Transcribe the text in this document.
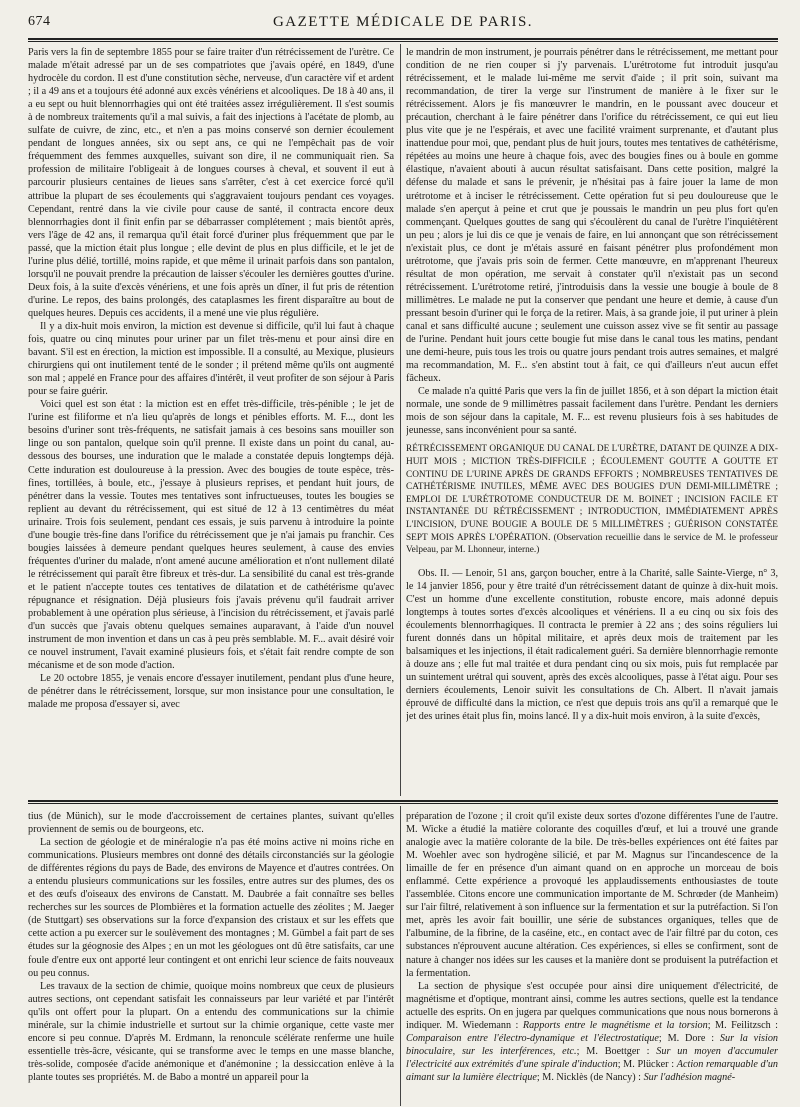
674	GAZETTE MÉDICALE DE PARIS.

Paris vers la fin de septembre 1855 pour se faire traiter d'un rétrécissement de l'urètre. Ce malade m'était adressé par un de ses compatriotes que j'avais opéré, en 1849, d'une hydrocèle du cordon. Il est d'une constitution sèche, nerveuse, d'un caractère vif et ardent ; il a 49 ans et a toujours été adonné aux excès vénériens et alcooliques. De 18 à 40 ans, il a eu sept ou huit blennorrhagies qui ont été traitées assez irrégulièrement. Il s'est soumis à de nombreux traitements qu'il a mal suivis, a fait des injections à l'acétate de plomb, au sulfate de cuivre, de zinc, etc., et n'en a pas moins conservé son dernier écoulement pendant de longues années, six ou sept ans, ce qui ne l'empêchait pas de voir fréquemment des femmes auxquelles, suivant son dire, il ne communiquait rien. Sa profession de militaire l'obligeait à de longues courses à cheval, et souvent il eut à parcourir plusieurs centaines de lieues sans s'arrêter, c'est à cet exercice forcé qu'il attribue la plupart de ses écoulements qui s'aggravaient toujours pendant ces voyages. Cependant, rentré dans la vie civile pour cause de santé, il contracta encore deux blennorrhagies dont il finit enfin par se débarrasser complétement ; mais bientôt après, vers l'âge de 42 ans, il remarqua qu'il était forcé d'uriner plus fréquemment que par le passé, que la miction était plus longue ; elle devint de plus en plus difficile, et le jet de l'urine plus délié, tortillé, moins rapide, et que même il urinait parfois dans son pantalon, lorsqu'il ne pouvait prendre la précaution de laisser s'écouler les dernières gouttes d'urine. Deux fois, à la suite d'excès vénériens, et une fois après un dîner, il fut pris de rétention d'urine. Le repos, des bains prolongés, des cataplasmes les firent disparaître au bout de quelques heures. Depuis ces accidents, il a mené une vie plus régulière.

Il y a dix-huit mois environ, la miction est devenue si difficile, qu'il lui faut à chaque fois, quatre ou cinq minutes pour uriner par un filet très-menu et pour ainsi dire en bavant. S'il est en érection, la miction est impossible. Il a consulté, au Mexique, plusieurs chirurgiens qui ont inutilement tenté de le sonder ; il prétend même qu'ils ont augmenté son mal ; appelé en France pour des affaires d'intérêt, il veut profiter de son séjour à Paris pour se faire guérir.

Voici quel est son état : la miction est en effet très-difficile, très-pénible ; le jet de l'urine est filiforme et n'a lieu qu'après de longs et pénibles efforts. M. F..., dont les besoins d'uriner sont très-fréquents, ne satisfait jamais à ces besoins sans mouiller son linge ou son pantalon, quelque soin qu'il prenne. Il existe dans un point du canal, au-dessous des bourses, une induration que le malade a constatée depuis longtemps déjà. Cette induration est douloureuse à la pression. Avec des bougies de toute espèce, très-fines, tortillées, à boule, etc., j'essaye à plusieurs reprises, et pendant huit jours, de pénétrer dans la vessie. Toutes mes tentatives sont infructueuses, toutes les bougies se replient au devant du rétrécissement, qui est situé de 12 à 13 centimètres du méat urinaire. Trois fois seulement, pendant ces essais, je suis parvenu à introduire la pointe d'une bougie très-fine dans l'orifice du rétrécissement que je n'ai jamais pu franchir. Ces bougies laissées à demeure pendant quelques heures seulement, à cause des envies fréquentes d'uriner du malade, n'ont amené aucune amélioration et n'ont nullement dilaté le rétrécissement qui paraît être fibreux et très-dur. La sensibilité du canal est très-grande et le patient n'accepte toutes ces tentatives de dilatation et de cathétérisme qu'avec répugnance et résignation. Déjà plusieurs fois j'avais prévenu qu'il faudrait arriver probablement à une opération plus sérieuse, à l'incision du rétrécissement, et j'avais parlé d'un succès que j'avais obtenu quelques semaines auparavant, à l'aide d'un nouvel instrument de mon invention et dans un cas à peu près semblable. M. F... avait désiré voir ce nouvel instrument, l'avait examiné plusieurs fois, et s'était fait rendre compte de son mécanisme et de son mode d'action.

Le 20 octobre 1855, je venais encore d'essayer inutilement, pendant plus d'une heure, de pénétrer dans le rétrécissement, lorsque, sur mon insistance pour une consultation, le malade me proposa d'essayer si, avec

le mandrin de mon instrument, je pourrais pénétrer dans le rétrécissement, me mettant pour condition de ne rien couper si j'y parvenais. L'urétrotome fut introduit jusqu'au rétrécissement, et le malade lui-même me servit d'aide ; il prit soin, suivant ma recommandation, de tirer la verge sur l'instrument de manière à le fixer sur le rétrécissement. Alors je fis manœuvrer le mandrin, en le poussant avec douceur et précaution, cherchant à le faire pénétrer dans l'orifice du rétrécissement, ce qui eut lieu plus vite que je ne l'espérais, et avec une facilité vraiment surprenante, et d'autant plus inattendue pour moi, que, pendant plus de huit jours, toutes mes tentatives de cathétérisme, répétées au moins une heure à chaque fois, avec des bougies fines ou à boule en gomme élastique, n'avaient abouti à aucun résultat satisfaisant. Dans cette position, malgré la défense du malade et sans le prévenir, je n'hésitai pas à faire jouer la lame de mon urétrotome et à inciser le rétrécissement. Cette opération fut si peu douloureuse que le malade s'en aperçut à peine et crut que je poussais le mandrin un peu plus fort qu'en commençant. Quelques gouttes de sang qui s'écoulèrent du canal de l'urètre l'inquiétèrent un peu ; alors je lui dis ce que je venais de faire, en lui annonçant que son rétrécissement n'existait plus, ce dont je m'étais assuré en faisant pénétrer plus profondément mon urétrotome, que j'avais pris soin de fermer. Cette manœuvre, en m'apprenant l'heureux résultat de mon opération, me servait à constater qu'il n'existait pas un second rétrécissement. L'urétrotome retiré, j'introduisis dans la vessie une bougie à boule de 8 millimètres. Le malade ne put la conserver que pendant une heure et demie, à cause d'un pressant besoin d'uriner qui le força de la retirer. Mais, à sa grande joie, il put uriner à plein canal et sans difficulté aucune ; seulement une cuisson assez vive se fit sentir au passage de l'urine. Pendant huit jours cette bougie fut mise dans le canal tous les matins, pendant une demi-heure, puis tous les trois ou quatre jours pendant trois autres semaines, et malgré ma recommandation, M. F... s'en abstint tout à fait, ce qui d'ailleurs n'eut aucun effet fâcheux.

Ce malade n'a quitté Paris que vers la fin de juillet 1856, et à son départ la miction était normale, une sonde de 9 millimètres passait facilement dans l'urètre. Pendant les derniers mois de son séjour dans la capitale, M. F... est revenu plusieurs fois à ses habitudes de jeunesse, sans inconvénient pour sa santé.

RÉTRÉCISSEMENT ORGANIQUE DU CANAL DE L'URÈTRE, DATANT DE QUINZE A DIX-HUIT MOIS ; MICTION TRÈS-DIFFICILE ; ÉCOULEMENT GOUTTE A GOUTTE ET CONTINU DE L'URINE APRÈS DE GRANDS EFFORTS ; NOMBREUSES TENTATIVES DE CATHÉTÉRISME INUTILES, MÊME AVEC DES BOUGIES D'UN DEMI-MILLIMÈTRE ; EMPLOI DE L'URÉTROTOME CONDUCTEUR DE M. BOINET ; INCISION FACILE ET INSTANTANÉE DU RÉTRÉCISSEMENT ; INTRODUCTION, IMMÉDIATEMENT APRÈS L'INCISION, D'UNE BOUGIE A BOULE DE 5 MILLIMÈTRES ; GUÉRISON CONSTATÉE SEPT MOIS APRÈS L'OPÉRATION. (Observation recueillie dans le service de M. le professeur Velpeau, par M. Lhonneur, interne.)

Obs. II. — Lenoir, 51 ans, garçon boucher, entre à la Charité, salle Sainte-Vierge, n° 3, le 14 janvier 1856, pour y être traité d'un rétrécissement datant de quinze à dix-huit mois. C'est un homme d'une excellente constitution, robuste encore, mais adonné depuis longtemps à toutes sortes d'excès alcooliques et vénériens. Il a eu cinq ou six fois des écoulements blennorrhagiques. Il contracta le premier à 22 ans ; des soins réguliers lui furent donnés dans un hôpital militaire, et après deux mois de traitement par les balsamiques et les injections, il était radicalement guéri. Sa dernière blennorrhagie remonte à douze ans ; elle fut mal traitée et dura pendant cinq ou six mois, puis fut remplacée par un suintement urétral qui souvent, après des excès alcooliques, passe à l'état aigu. Pour ses derniers écoulements, Lenoir suivit les consultations de Ch. Albert. Il n'avait jamais éprouvé de difficulté dans la miction, ce n'est que depuis trois ans qu'il a remarqué que le jet des urines était plus fin, moins lancé. Il y a dix-huit mois environ, à la suite d'excès,

tius (de Münich), sur le mode d'accroissement de certaines plantes, suivant qu'elles proviennent de semis ou de bourgeons, etc.

La section de géologie et de minéralogie n'a pas été moins active ni moins riche en communications. Plusieurs membres ont donné des détails circonstanciés sur la géologie de différentes régions du pays de Bade, des environs de Mayence et d'autres contrées. On a entendu plusieurs communications sur les fossiles, entre autres sur des plumes, des os et des œufs d'oiseaux des environs de Canstatt. M. Daubrée a fait connaître ses belles recherches sur les sources de Plombières et la formation actuelle des zéolites ; M. Jaeger (de Stuttgart) ses observations sur la force d'expansion des cristaux et sur les effets que cette action a pu exercer sur le soulèvement des montagnes ; M. Gümbel a fait part de ses études sur la géognosie des Alpes ; en un mot les géologues ont dû être satisfaits, car une foule d'entre eux ont apporté leur contingent et ont enrichi leur science de faits nouveaux ou peu connus.

Les travaux de la section de chimie, quoique moins nombreux que ceux de plusieurs autres sections, ont cependant satisfait les connaisseurs par leur variété et par l'intérêt qu'ils ont offert pour la plupart. On a entendu des communications sur la chimie minérale, sur la chimie industrielle et surtout sur la chimie organique, cette vaste mer encore si peu connue. D'après M. Erdmann, la renoncule scélérate renferme une huile essentielle très-âcre, vésicante, qui se transforme avec le temps en une masse blanche, très-solide, composée d'acide anémonique et d'anémonine ; la dessiccation enlève à la plante toutes ses propriétés. M. de Babo a montré un appareil pour la

préparation de l'ozone ; il croit qu'il existe deux sortes d'ozone différentes l'une de l'autre. M. Wicke a étudié la matière colorante des coquilles d'œuf, et lui a trouvé une grande analogie avec la matière colorante de la bile. De très-belles expériences ont été faites par M. Woehler avec son hydrogène silicié, et par M. Magnus sur l'incandescence de la limaille de fer en présence d'un aimant quand on en approche un morceau de bois enflammé. Cette expérience a provoqué les applaudissements enthousiastes de toute l'assemblée. Citons encore une communication importante de M. Schrœder (de Manheim) sur l'air filtré, relativement à son influence sur la fermentation et sur la putréfaction. Si l'on met, après les avoir fait bouillir, une série de substances organiques, telles que de l'albumine, de la fibrine, de la caséine, etc., en contact avec de l'air filtré par du coton, ces substances n'éprouvent aucune altération. Ces expériences, si elles se confirment, sont de nature à changer nos idées sur les causes et la manière dont se produisent la putréfaction et la fermentation.

La section de physique s'est occupée pour ainsi dire uniquement d'électricité, de magnétisme et d'optique, montrant ainsi, comme les autres sections, quelle est la tendance actuelle des esprits. On en jugera par quelques communications que nous nous bornerons à indiquer. M. Wiedemann : Rapports entre le magnétisme et la torsion; M. Feilitzsch : Comparaison entre l'électro-dynamique et l'électrostatique; M. Dore : Sur la vision binoculaire, sur les interférences, etc.; M. Boettger : Sur un moyen d'accumuler l'électricité aux extrémités d'une spirale d'induction; M. Plücker : Action remarquable d'un aimant sur la lumière électrique; M. Nicklès (de Nancy) : Sur l'adhésion magné-
